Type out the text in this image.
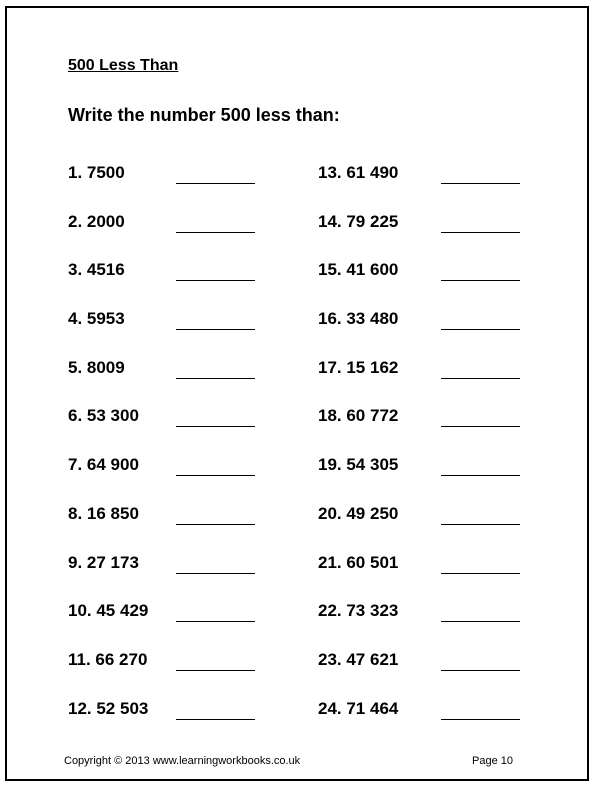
500 Less Than
Write the number 500 less than:
1. 7500
2. 2000
3. 4516
4. 5953
5. 8009
6. 53 300
7. 64 900
8. 16 850
9. 27 173
10. 45 429
11. 66 270
12. 52 503
13. 61 490
14. 79 225
15. 41 600
16. 33 480
17. 15 162
18. 60 772
19. 54 305
20. 49 250
21. 60 501
22. 73 323
23. 47 621
24. 71 464
Copyright © 2013 www.learningworkbooks.co.uk	Page 10
